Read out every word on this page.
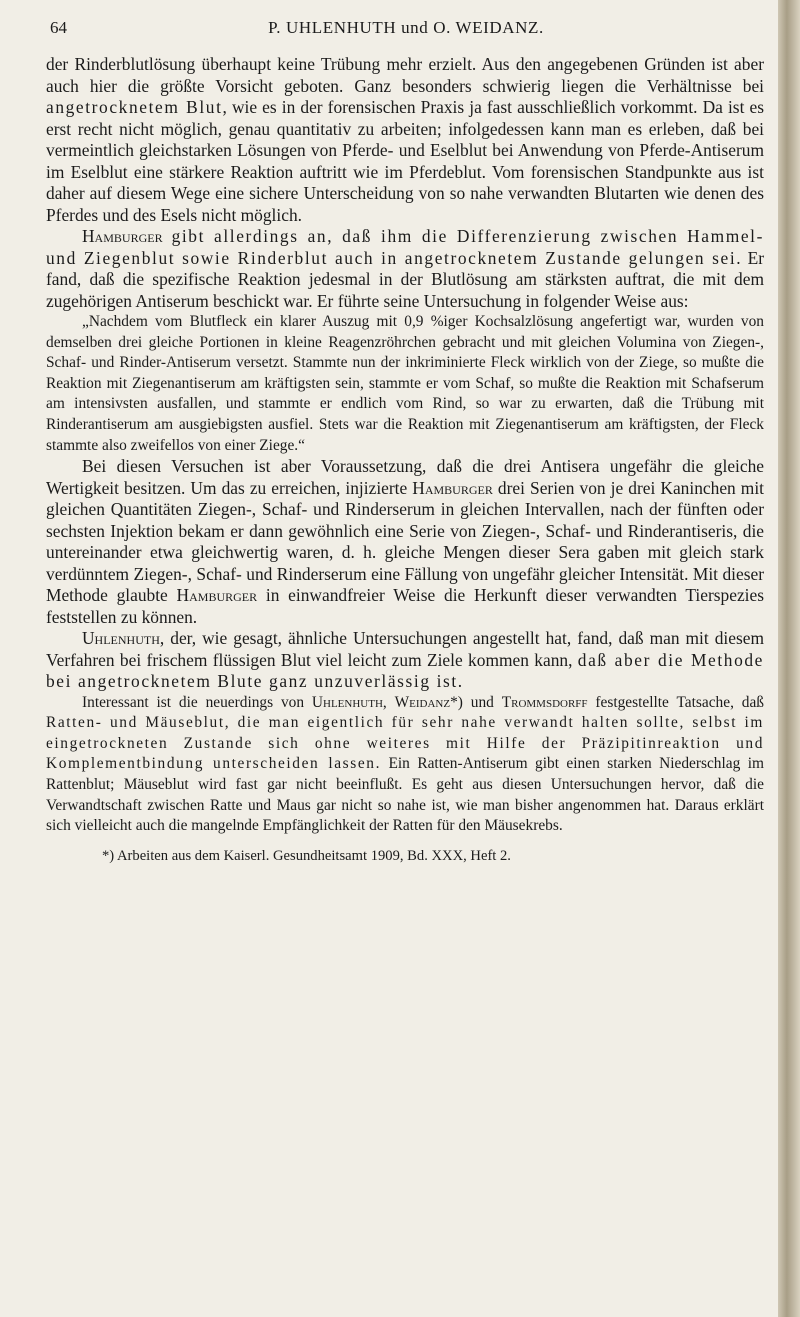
64	P. UHLENHUTH und O. WEIDANZ.

der Rinderblutlösung überhaupt keine Trübung mehr erzielt. Aus den angegebenen Gründen ist aber auch hier die größte Vorsicht geboten. Ganz besonders schwierig liegen die Verhältnisse bei angetrocknetem Blut, wie es in der forensischen Praxis ja fast ausschließlich vorkommt. Da ist es erst recht nicht möglich, genau quantitativ zu arbeiten; infolgedessen kann man es erleben, daß bei vermeintlich gleichstarken Lösungen von Pferde- und Eselblut bei Anwendung von Pferde-Antiserum im Eselblut eine stärkere Reaktion auftritt wie im Pferdeblut. Vom forensischen Standpunkte aus ist daher auf diesem Wege eine sichere Unterscheidung von so nahe verwandten Blutarten wie denen des Pferdes und des Esels nicht möglich.

Hamburger gibt allerdings an, daß ihm die Differenzierung zwischen Hammel- und Ziegenblut sowie Rinderblut auch in angetrocknetem Zustande gelungen sei. Er fand, daß die spezifische Reaktion jedesmal in der Blutlösung am stärksten auftrat, die mit dem zugehörigen Antiserum beschickt war. Er führte seine Untersuchung in folgender Weise aus:

„Nachdem vom Blutfleck ein klarer Auszug mit 0,9 %iger Kochsalzlösung angefertigt war, wurden von demselben drei gleiche Portionen in kleine Reagenzröhrchen gebracht und mit gleichen Volumina von Ziegen-, Schaf- und Rinder-Antiserum versetzt. Stammte nun der inkriminierte Fleck wirklich von der Ziege, so mußte die Reaktion mit Ziegenantiserum am kräftigsten sein, stammte er vom Schaf, so mußte die Reaktion mit Schafserum am intensivsten ausfallen, und stammte er endlich vom Rind, so war zu erwarten, daß die Trübung mit Rinderantiserum am ausgiebigsten ausfiel. Stets war die Reaktion mit Ziegenantiserum am kräftigsten, der Fleck stammte also zweifellos von einer Ziege.“

Bei diesen Versuchen ist aber Voraussetzung, daß die drei Antisera ungefähr die gleiche Wertigkeit besitzen. Um das zu erreichen, injizierte Hamburger drei Serien von je drei Kaninchen mit gleichen Quantitäten Ziegen-, Schaf- und Rinderserum in gleichen Intervallen, nach der fünften oder sechsten Injektion bekam er dann gewöhnlich eine Serie von Ziegen-, Schaf- und Rinderantiseris, die untereinander etwa gleichwertig waren, d. h. gleiche Mengen dieser Sera gaben mit gleich stark verdünntem Ziegen-, Schaf- und Rinderserum eine Fällung von ungefähr gleicher Intensität. Mit dieser Methode glaubte Hamburger in einwandfreier Weise die Herkunft dieser verwandten Tierspezies feststellen zu können.

Uhlenhuth, der, wie gesagt, ähnliche Untersuchungen angestellt hat, fand, daß man mit diesem Verfahren bei frischem flüssigen Blut viel leicht zum Ziele kommen kann, daß aber die Methode bei angetrocknetem Blute ganz unzuverlässig ist.

Interessant ist die neuerdings von Uhlenhuth, Weidanz*) und Trommsdorff festgestellte Tatsache, daß Ratten- und Mäuseblut, die man eigentlich für sehr nahe verwandt halten sollte, selbst im eingetrockneten Zustande sich ohne weiteres mit Hilfe der Präzipitinreaktion und Komplementbindung unterscheiden lassen. Ein Ratten-Antiserum gibt einen starken Niederschlag im Rattenblut; Mäuseblut wird fast gar nicht beeinflußt. Es geht aus diesen Untersuchungen hervor, daß die Verwandtschaft zwischen Ratte und Maus gar nicht so nahe ist, wie man bisher angenommen hat. Daraus erklärt sich vielleicht auch die mangelnde Empfänglichkeit der Ratten für den Mäusekrebs.

*) Arbeiten aus dem Kaiserl. Gesundheitsamt 1909, Bd. XXX, Heft 2.
